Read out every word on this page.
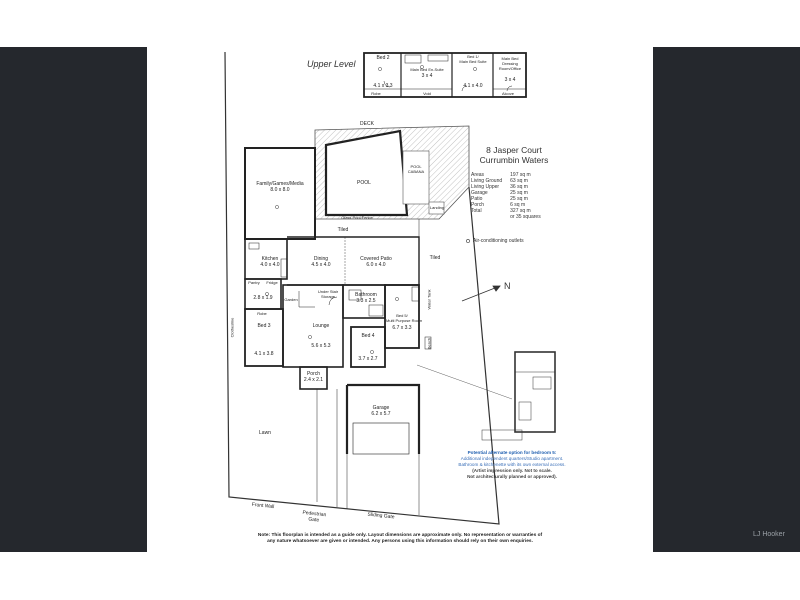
LJ Hooker
Upper Level
Bed 2
4.1 x 3.3
Bed 1/
Main Bed Suite
4.1 x 4.0
Main Bed En-Suite
3 x 4
Main Bed Dressing Room/Office
3 x 4
Robe	Alcove
Void
8 Jasper Court
Currumbin Waters
Areas	197 sq m
Living Ground	63 sq m
Living Upper	36 sq m
Garage	25 sq m
Patio	25 sq m
Porch	6 sq m
Total	327 sq m
	or 35 squares
Air-conditioning outlets
Family/Games/Media
8.0 x 8.0
Kitchen
4.0 x 4.0
Dining
4.5 x 4.0
Covered Patio
6.0 x 4.0
Bathroom
3.3 x 2.5
Bed 5/
Multi Purpose Room
6.7 x 3.3
2.8 x 1.9
Bed 3
4.1 x 3.8
Lounge
5.6 x 5.3
Bed 4
3.7 x 2.7
Porch
2.4 x 2.1
Garage
6.2 x 5.7
POOL
DECK
POOL
CABANA
Glass Pool Fence
Landing
Tiled
Tiled
Pantry	Fridge
Robe
Under Stair
Storage
Garden	Water Tank
Bench
Clothesline
Lawn
Front Wall
Pedestrian
Gate	Sliding Gate
N
Potential alternate option for bedroom 5:
Additional independent quarters/Studio apartment.
Bathroom & kitchenette with its own external access.
(Artist impression only. Not to scale.
Not architecturally planned or approved).
Note: This floorplan is intended as a guide only. Layout dimensions are approximate only. No representation or warranties of
any nature whatsoever are given or intended. Any persons using this information should rely on their own enquiries.
